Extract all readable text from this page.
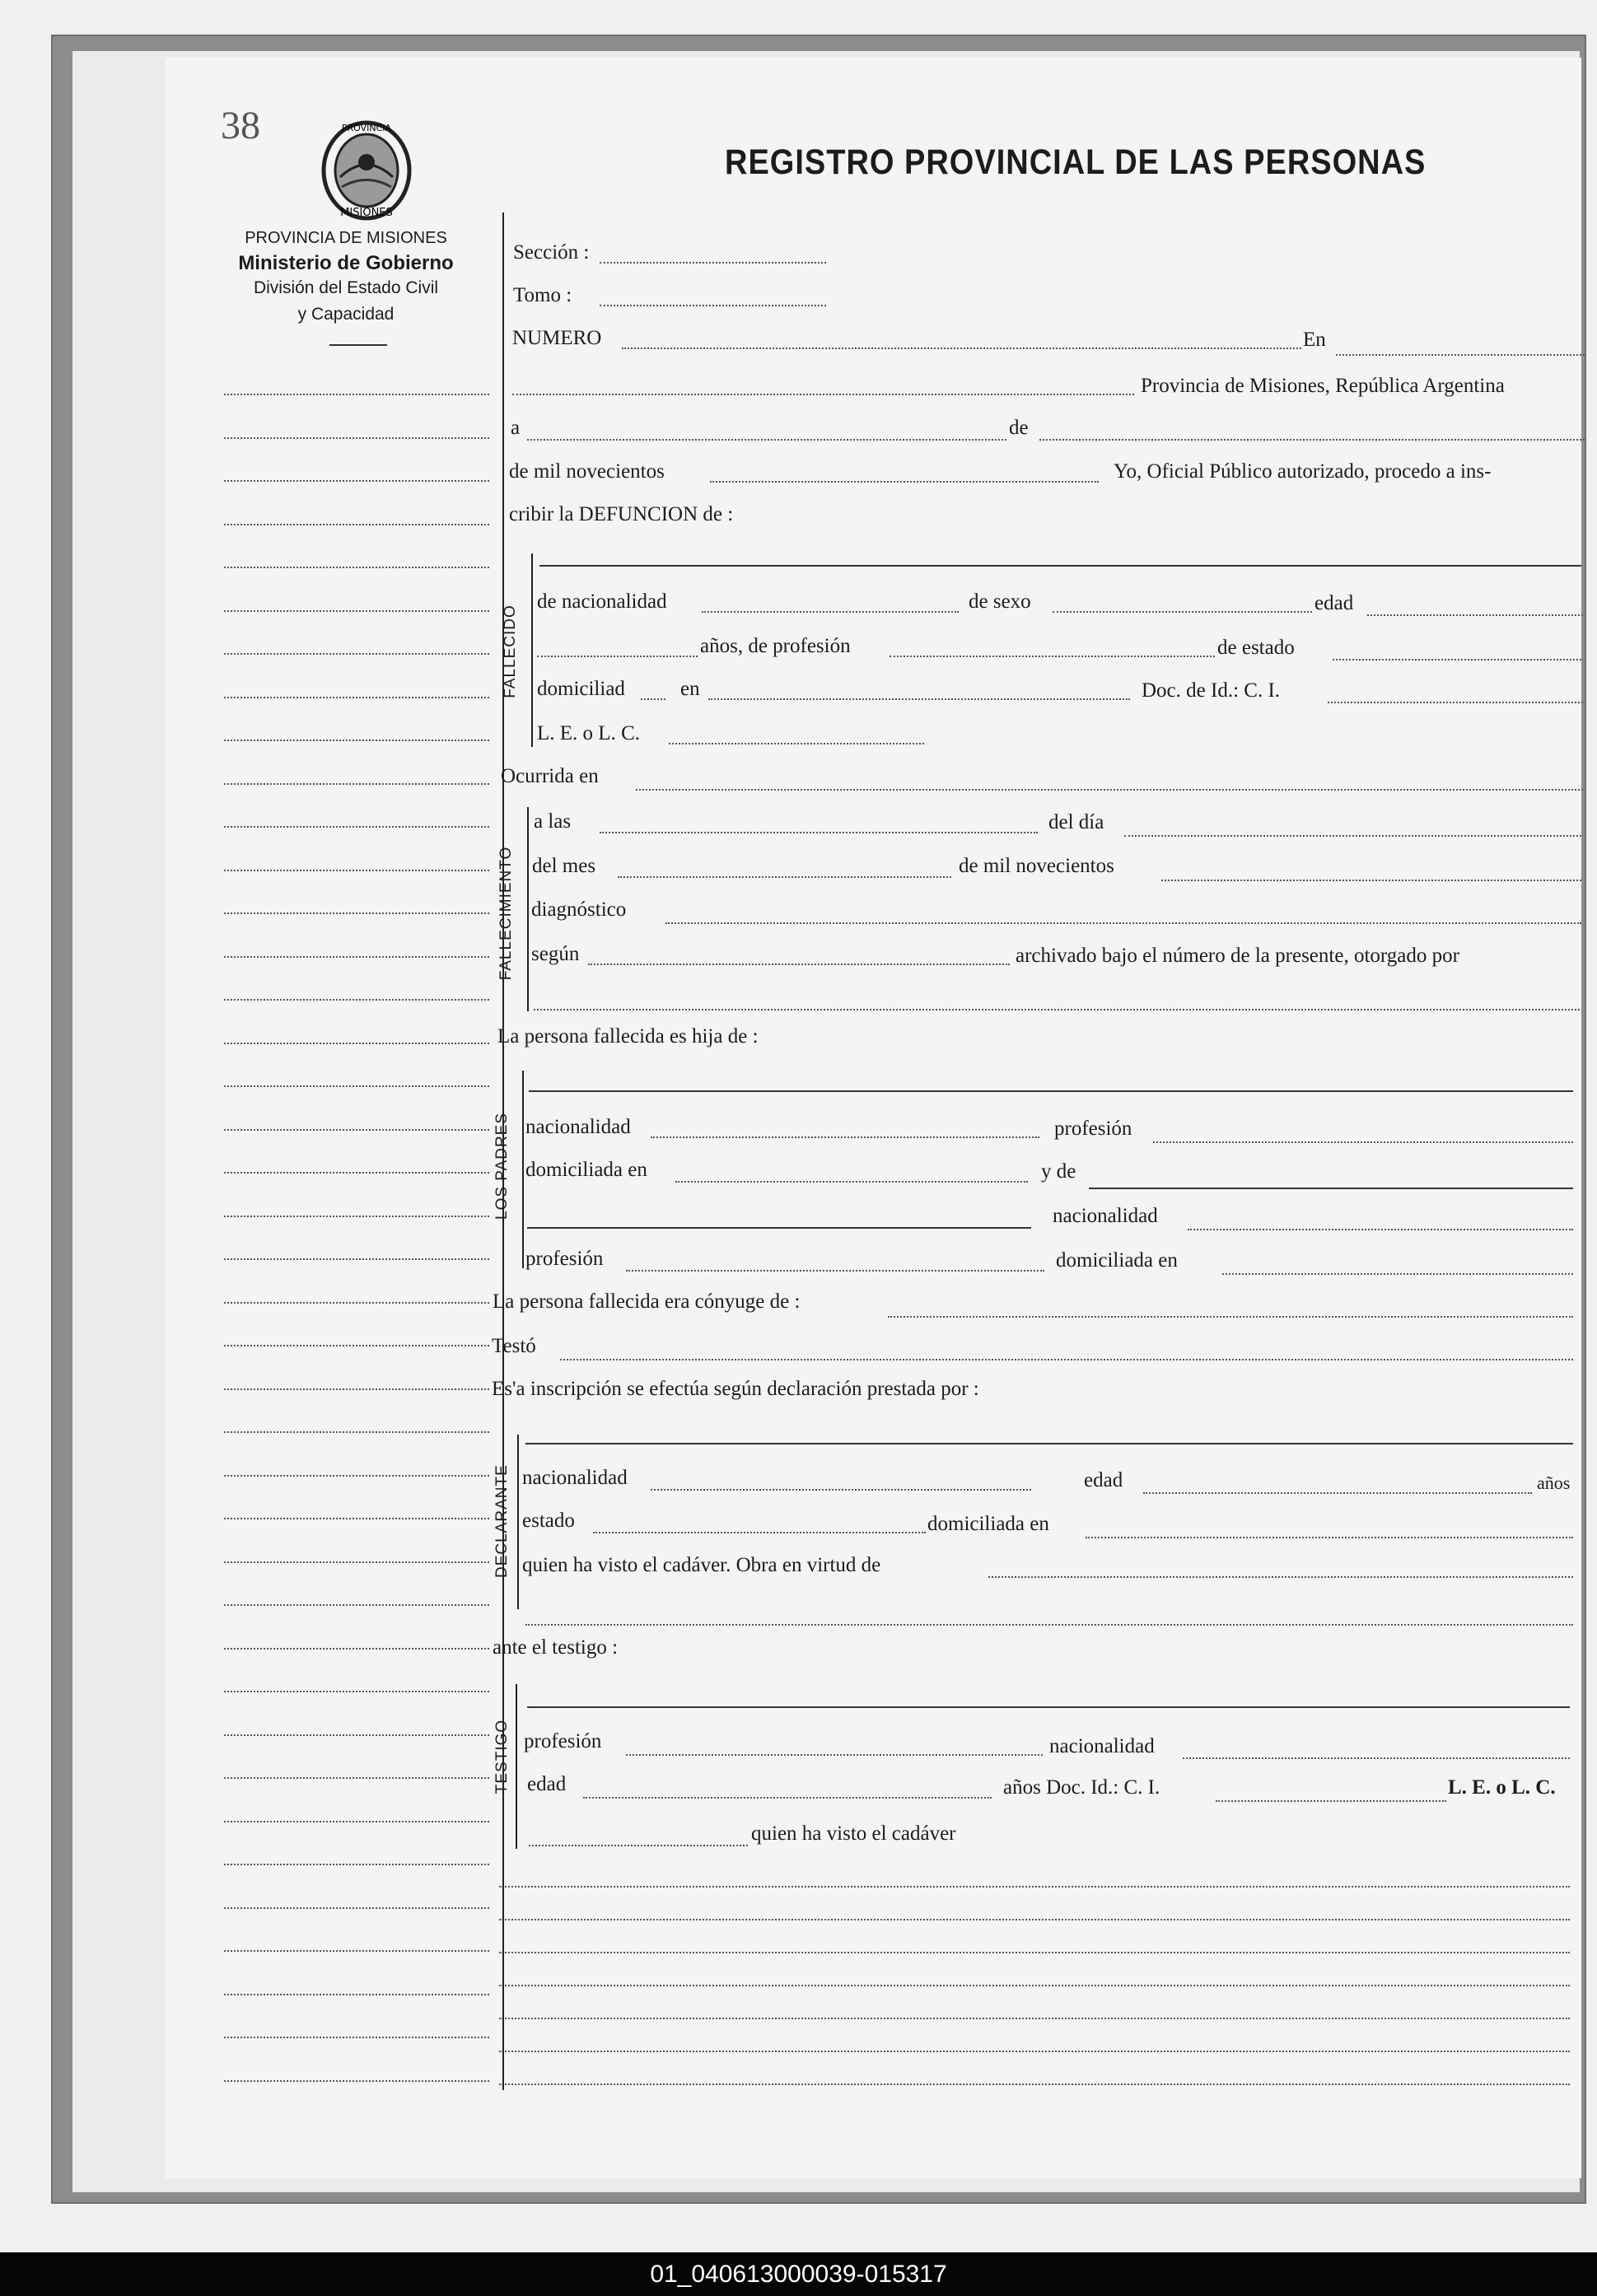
38	PROVINCIA
MISIONES
REGISTRO PROVINCIAL DE LAS PERSONAS
PROVINCIA DE MISIONES
Ministerio de Gobierno
División del Estado Civil
y Capacidad
FALLECIDO
FALLECIMIENTO
LOS PADRES
DECLARANTE
TESTIGO
Sección :
Tomo :
NUMERO	En
Provincia de Misiones, República Argentina
a	de
de mil novecientos	Yo, Oficial Público autorizado, procedo a ins-
cribir la DEFUNCION de :
de nacionalidad	de sexo	edad
años, de profesión	de estado
domiciliad	en	Doc. de Id.: C. I.
L. E. o L. C.
Ocurrida en
a las	del día
del mes	de mil novecientos
diagnóstico
según	archivado bajo el número de la presente, otorgado por
La persona fallecida es hija de :
nacionalidad	profesión
domiciliada en	y de
nacionalidad
profesión	domiciliada en
La persona fallecida era cónyuge de :
Testó
Es'a inscripción se efectúa según declaración prestada por :
nacionalidad	edad	años
estado	domiciliada en
quien ha visto el cadáver. Obra en virtud de
ante el testigo :
profesión	nacionalidad
edad	años Doc. Id.: C. I.	L. E. o L. C.
quien ha visto el cadáver
01_040613000039-015317
